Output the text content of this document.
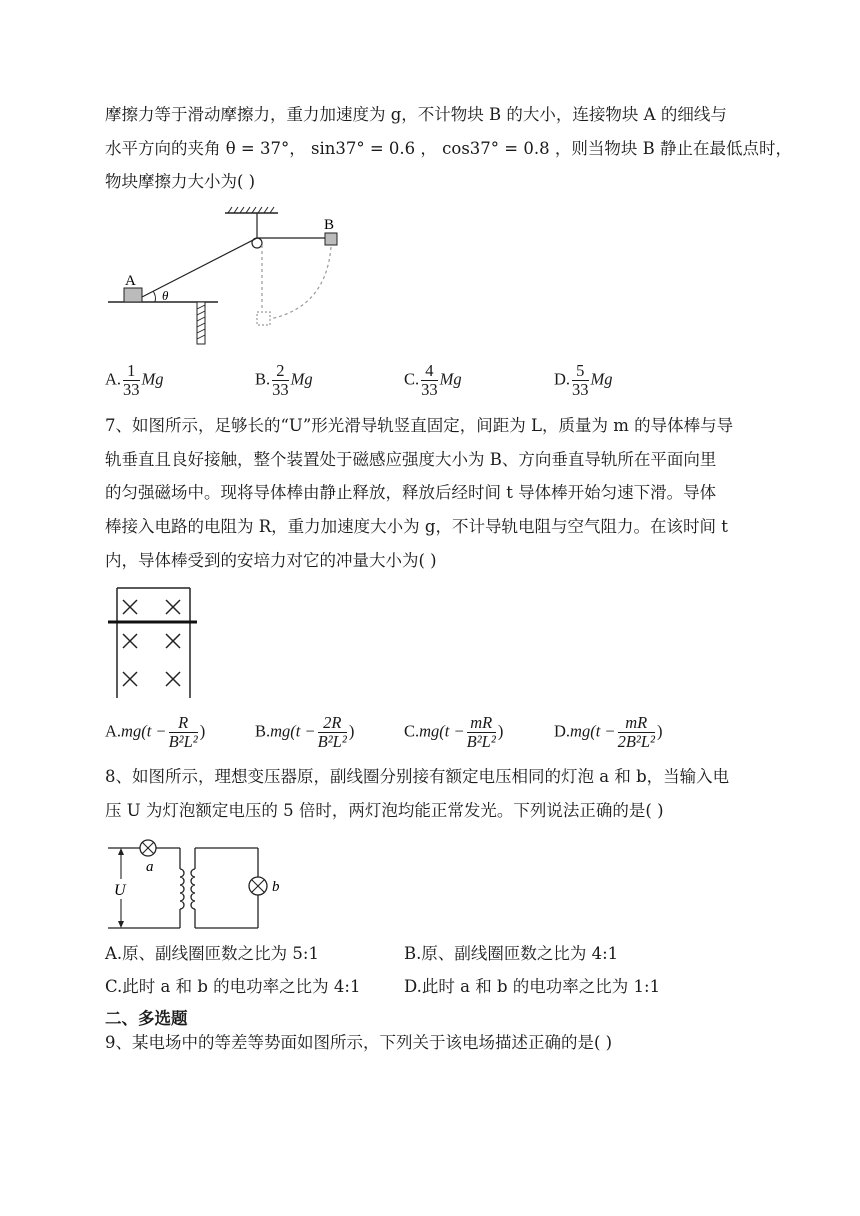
摩擦力等于滑动摩擦力，重力加速度为 g，不计物块 B 的大小，连接物块 A 的细线与
水平方向的夹角 θ = 37°， sin37° = 0.6 ， cos37° = 0.8 ，则当物块 B 静止在最低点时，
物块摩擦力大小为( )
B
A
θ
A. $\frac{1}{33}$ Mg	B. $\frac{2}{33}$ Mg	C. $\frac{4}{33}$ Mg	D. $\frac{5}{33}$ Mg
7、如图所示，足够长的“U”形光滑导轨竖直固定，间距为 L，质量为 m 的导体棒与导
轨垂直且良好接触，整个装置处于磁感应强度大小为 B、方向垂直导轨所在平面向里
的匀强磁场中。现将导体棒由静止释放，释放后经时间 t 导体棒开始匀速下滑。导体
棒接入电路的电阻为 R，重力加速度大小为 g，不计导轨电阻与空气阻力。在该时间 t
内，导体棒受到的安培力对它的冲量大小为( )
$A.mg(t - \frac{R}{\text{B²L²}}$ )	$B.mg(t - \frac{2R}{\text{B²L²}}$ )	$C.mg(t - \frac{mR}{\text{B²L²}}$ )	$D.mg(t - \frac{mR}{\text{2B²L²}}$ )
8、如图所示，理想变压器原，副线圈分别接有额定电压相同的灯泡 a 和 b，当输入电
压 U 为灯泡额定电压的 5 倍时，两灯泡均能正常发光。下列说法正确的是( )
a
U	b
A.原、副线圈匝数之比为 5:1	B.原、副线圈匝数之比为 4:1
C.此时 a 和 b 的电功率之比为 4:1	D.此时 a 和 b 的电功率之比为 1:1
二、多选题
9、某电场中的等差等势面如图所示，下列关于该电场描述正确的是( )
